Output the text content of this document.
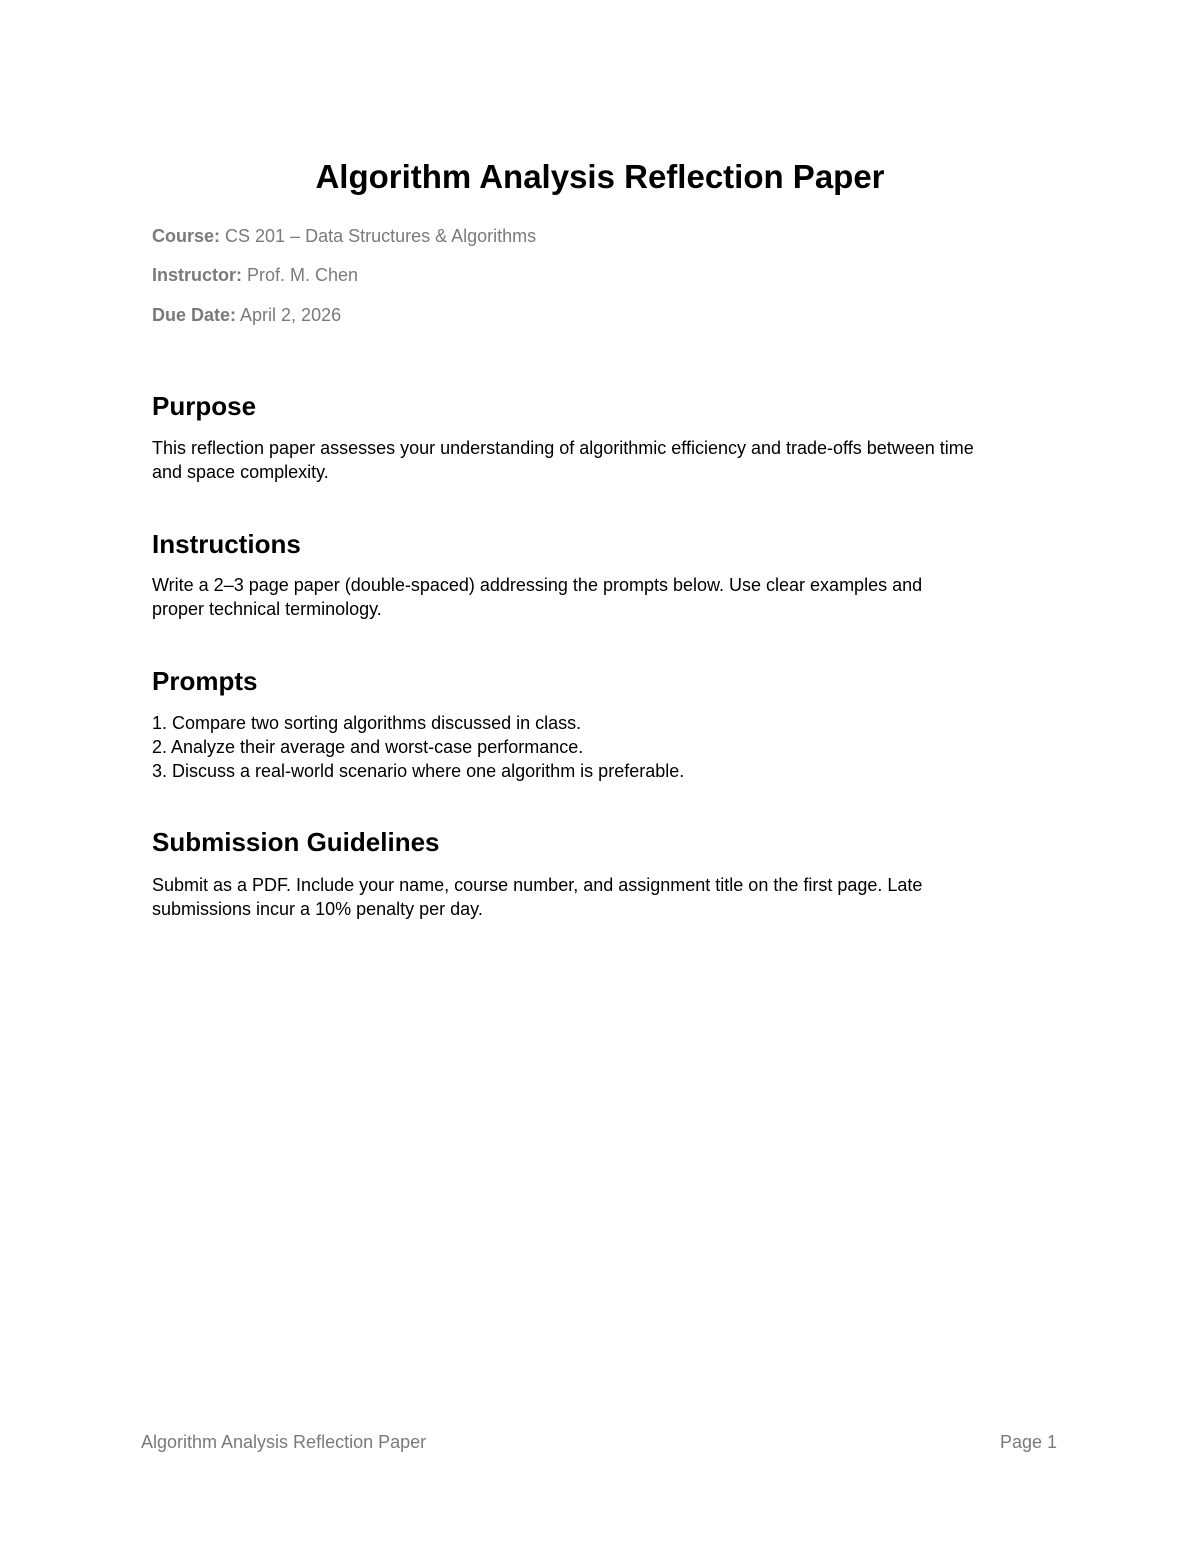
Algorithm Analysis Reflection Paper

Course: CS 201 – Data Structures & Algorithms

Instructor: Prof. M. Chen

Due Date: April 2, 2026

Purpose
This reflection paper assesses your understanding of algorithmic efficiency and trade-offs between time
and space complexity.
Instructions
Write a 2–3 page paper (double-spaced) addressing the prompts below. Use clear examples and
proper technical terminology.
Prompts
1. Compare two sorting algorithms discussed in class.
2. Analyze their average and worst-case performance.
3. Discuss a real-world scenario where one algorithm is preferable.
Submission Guidelines
Submit as a PDF. Include your name, course number, and assignment title on the first page. Late
submissions incur a 10% penalty per day.
Algorithm Analysis Reflection Paper	Page 1
